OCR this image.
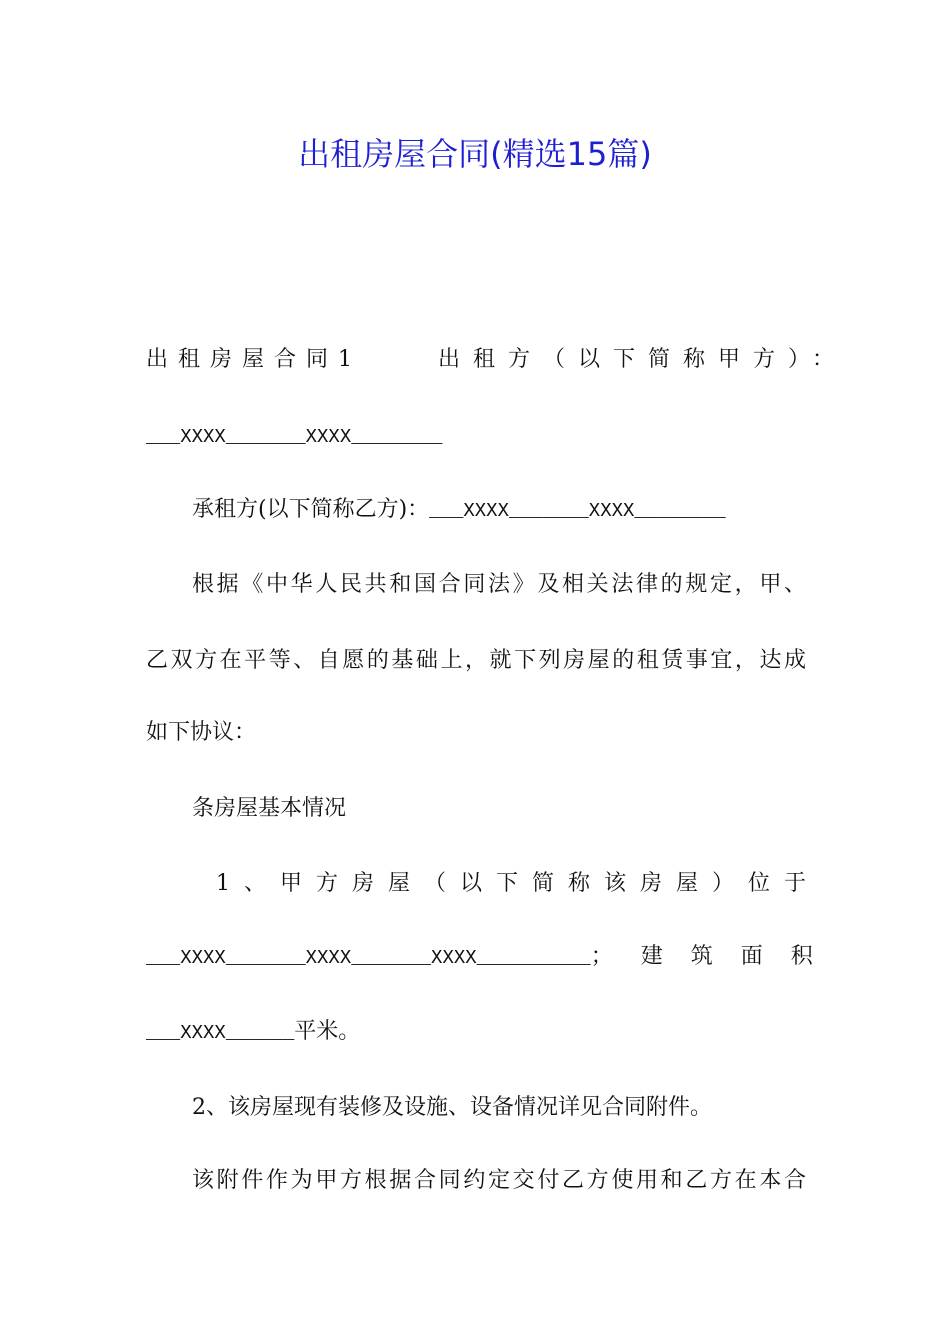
出租房屋合同(精选15篇)
出租房屋合同1	出租方（以下简称甲方）：
___XXXX_______XXXX________
承租方(以下简称乙方)：___XXXX_______XXXX________
根据《中华人民共和国合同法》及相关法律的规定，甲、
乙双方在平等、自愿的基础上，就下列房屋的租赁事宜，达成
如下协议：
条房屋基本情况
1、甲方房屋（以下简称该房屋）位于
___XXXX_______XXXX_______XXXX__________；建筑面积
___XXXX______平米。
2、该房屋现有装修及设施、设备情况详见合同附件。
该附件作为甲方根据合同约定交付乙方使用和乙方在本合
